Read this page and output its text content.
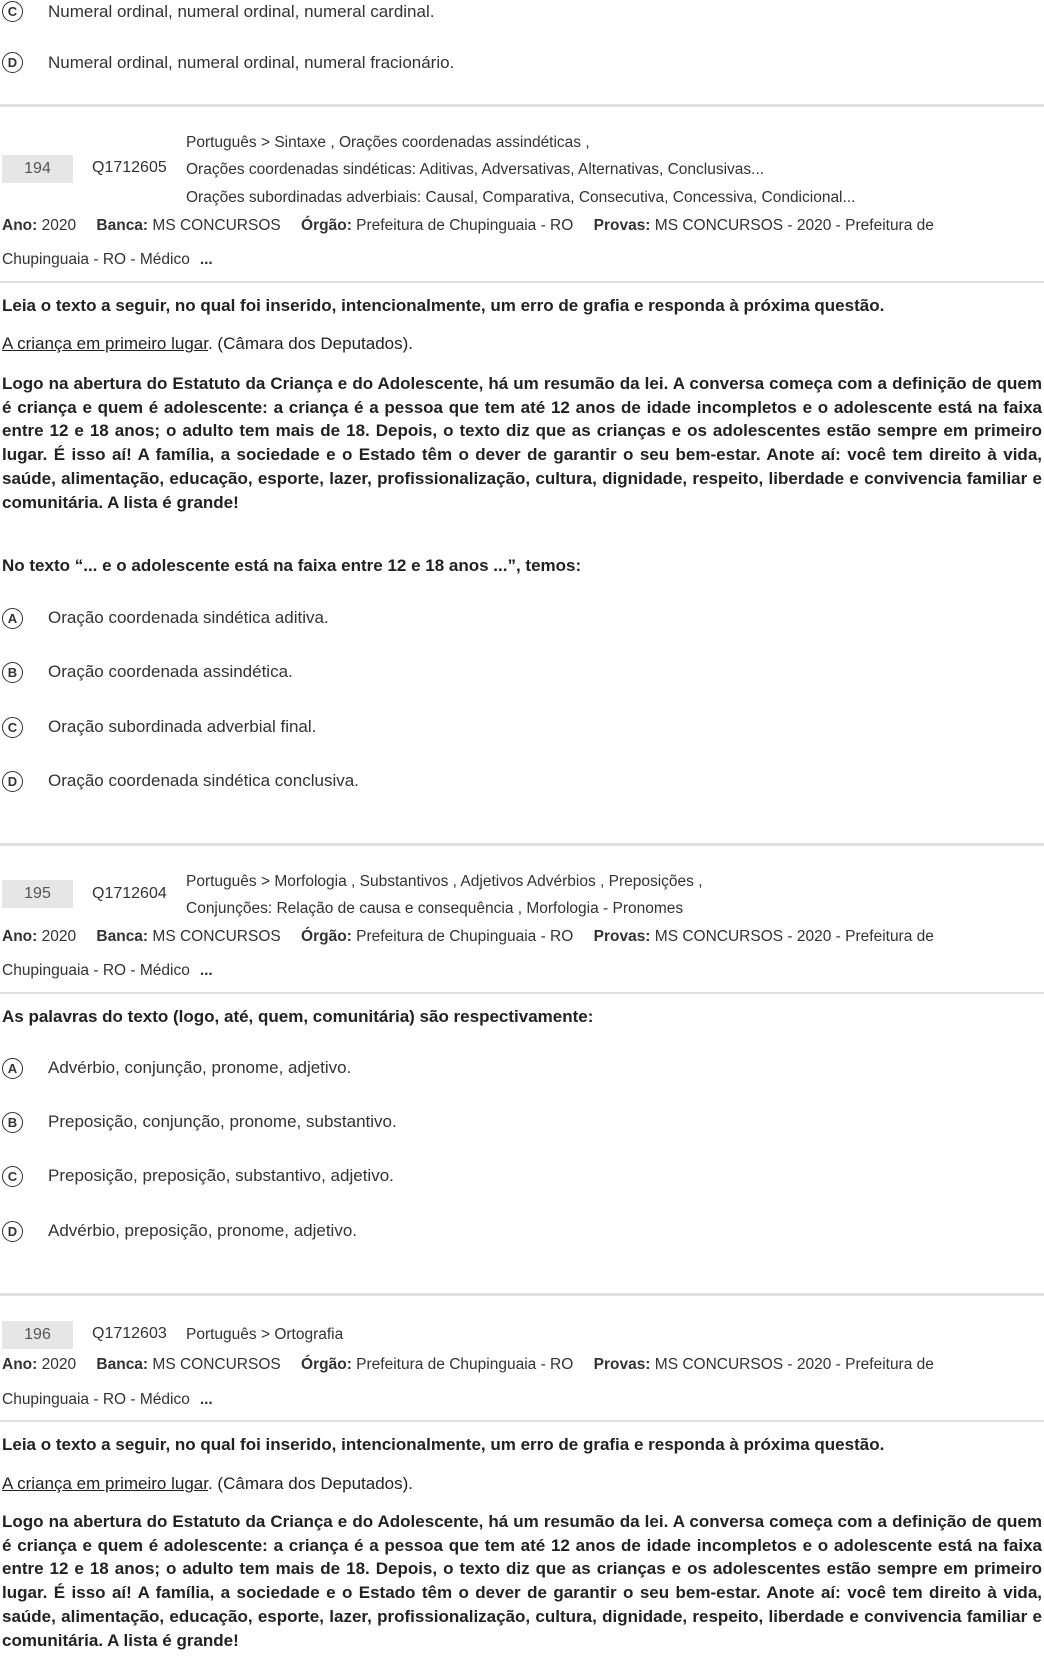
C	Numeral ordinal, numeral ordinal, numeral cardinal.
D	Numeral ordinal, numeral ordinal, numeral fracionário.
194	Q1712605
Português > Sintaxe , Orações coordenadas assindéticas ,
Orações coordenadas sindéticas: Aditivas, Adversativas, Alternativas, Conclusivas...
Orações subordinadas adverbiais: Causal, Comparativa, Consecutiva, Concessiva, Condicional...
Ano: 2020 Banca: MS CONCURSOS Órgão: Prefeitura de Chupinguaia - RO Provas: MS CONCURSOS - 2020 - Prefeitura de
Chupinguaia - RO - Médico ...
Leia o texto a seguir, no qual foi inserido, intencionalmente, um erro de grafia e responda à próxima questão.
A criança em primeiro lugar. (Câmara dos Deputados).

Logo na abertura do Estatuto da Criança e do Adolescente, há um resumão da lei. A conversa começa com a definição de quem é criança e quem é adolescente: a criança é a pessoa que tem até 12 anos de idade incompletos e o adolescente está na faixa entre 12 e 18 anos; o adulto tem mais de 18. Depois, o texto diz que as crianças e os adolescentes estão sempre em primeiro lugar. É isso aí! A família, a sociedade e o Estado têm o dever de garantir o seu bem-estar. Anote aí: você tem direito à vida, saúde, alimentação, educação, esporte, lazer, profissionalização, cultura, dignidade, respeito, liberdade e convivencia familiar e comunitária. A lista é grande!

No texto “... e o adolescente está na faixa entre 12 e 18 anos ...”, temos:
A	Oração coordenada sindética aditiva.
B	Oração coordenada assindética.
C	Oração subordinada adverbial final.
D	Oração coordenada sindética conclusiva.
195	Q1712604
Português > Morfologia , Substantivos , Adjetivos Advérbios , Preposições ,
Conjunções: Relação de causa e consequência , Morfologia - Pronomes
Ano: 2020 Banca: MS CONCURSOS Órgão: Prefeitura de Chupinguaia - RO Provas: MS CONCURSOS - 2020 - Prefeitura de
Chupinguaia - RO - Médico ...
As palavras do texto (logo, até, quem, comunitária) são respectivamente:
A	Advérbio, conjunção, pronome, adjetivo.
B	Preposição, conjunção, pronome, substantivo.
C	Preposição, preposição, substantivo, adjetivo.
D	Advérbio, preposição, pronome, adjetivo.
196	Q1712603 Português > Ortografia
Ano: 2020 Banca: MS CONCURSOS Órgão: Prefeitura de Chupinguaia - RO Provas: MS CONCURSOS - 2020 - Prefeitura de
Chupinguaia - RO - Médico ...
Leia o texto a seguir, no qual foi inserido, intencionalmente, um erro de grafia e responda à próxima questão.
A criança em primeiro lugar. (Câmara dos Deputados).

Logo na abertura do Estatuto da Criança e do Adolescente, há um resumão da lei. A conversa começa com a definição de quem é criança e quem é adolescente: a criança é a pessoa que tem até 12 anos de idade incompletos e o adolescente está na faixa entre 12 e 18 anos; o adulto tem mais de 18. Depois, o texto diz que as crianças e os adolescentes estão sempre em primeiro lugar. É isso aí! A família, a sociedade e o Estado têm o dever de garantir o seu bem-estar. Anote aí: você tem direito à vida, saúde, alimentação, educação, esporte, lazer, profissionalização, cultura, dignidade, respeito, liberdade e convivencia familiar e comunitária. A lista é grande!
